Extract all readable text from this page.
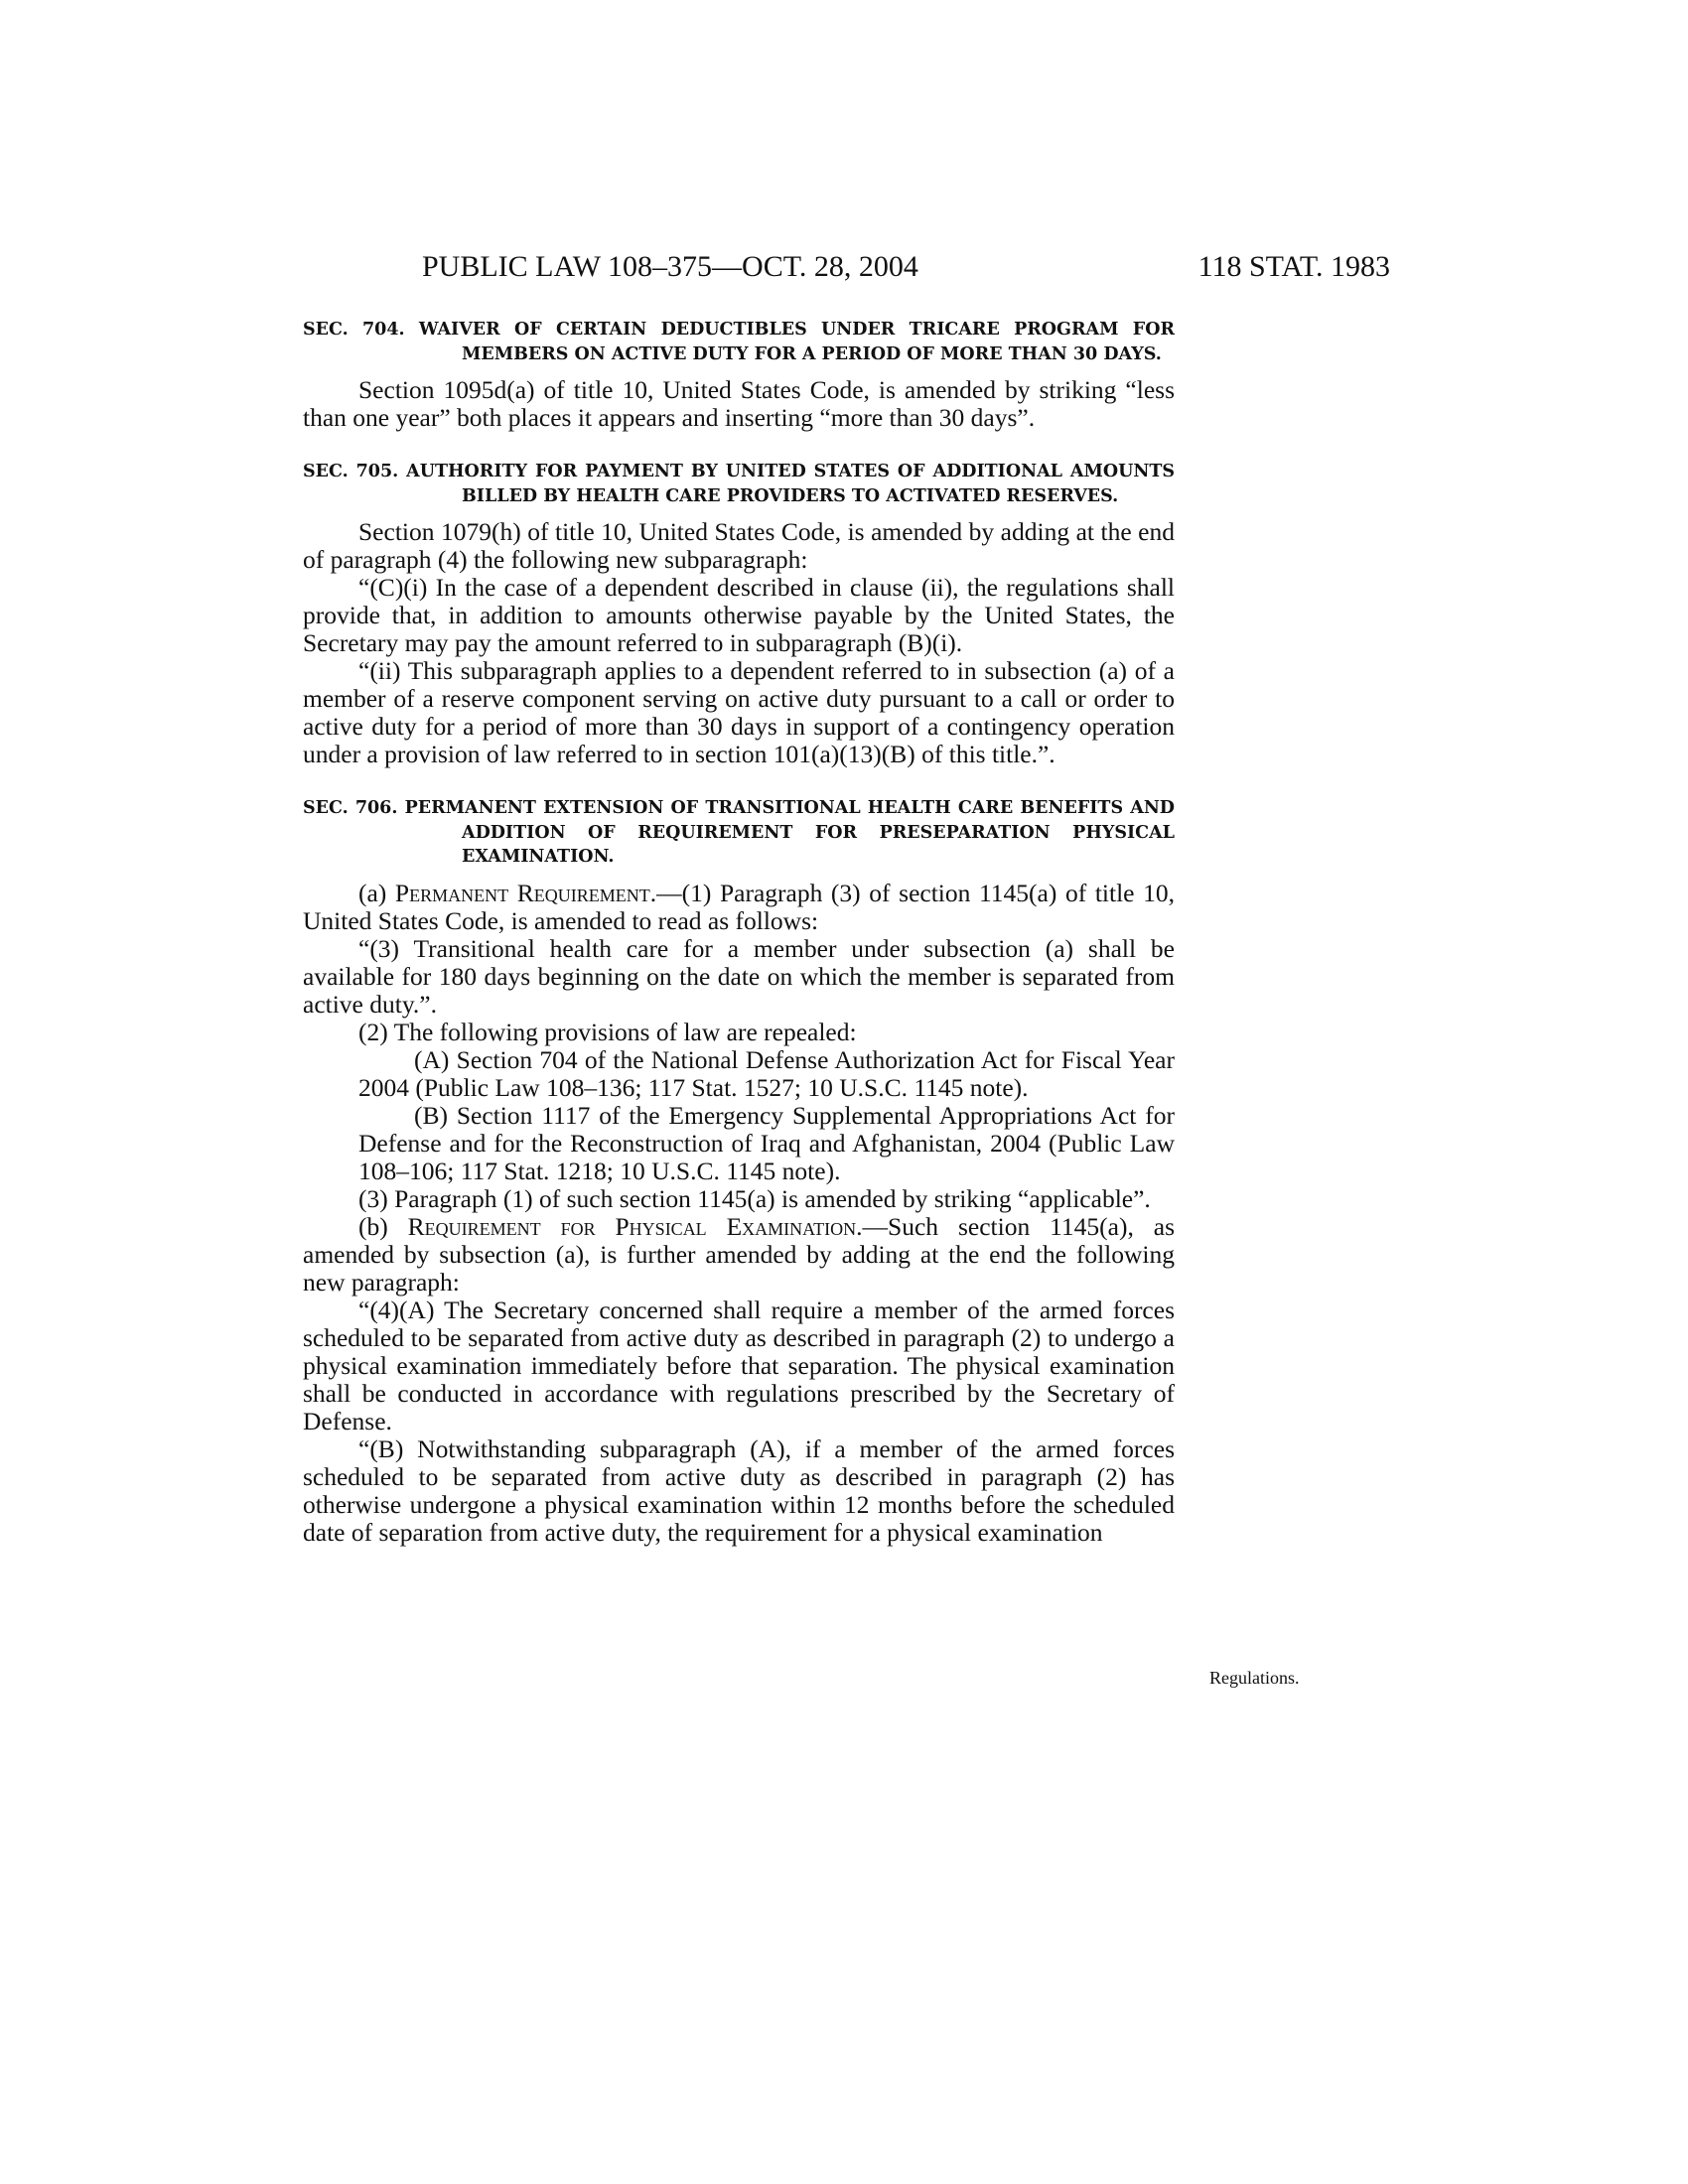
PUBLIC LAW 108–375—OCT. 28, 2004	118 STAT. 1983
SEC. 704. WAIVER OF CERTAIN DEDUCTIBLES UNDER TRICARE PROGRAM FOR MEMBERS ON ACTIVE DUTY FOR A PERIOD OF MORE THAN 30 DAYS.

Section 1095d(a) of title 10, United States Code, is amended by striking “less than one year” both places it appears and inserting “more than 30 days”.

SEC. 705. AUTHORITY FOR PAYMENT BY UNITED STATES OF ADDITIONAL AMOUNTS BILLED BY HEALTH CARE PROVIDERS TO ACTIVATED RESERVES.

Section 1079(h) of title 10, United States Code, is amended by adding at the end of paragraph (4) the following new subparagraph:

“(C)(i) In the case of a dependent described in clause (ii), the regulations shall provide that, in addition to amounts otherwise payable by the United States, the Secretary may pay the amount referred to in subparagraph (B)(i).

“(ii) This subparagraph applies to a dependent referred to in subsection (a) of a member of a reserve component serving on active duty pursuant to a call or order to active duty for a period of more than 30 days in support of a contingency operation under a provision of law referred to in section 101(a)(13)(B) of this title.”.

SEC. 706. PERMANENT EXTENSION OF TRANSITIONAL HEALTH CARE BENEFITS AND ADDITION OF REQUIREMENT FOR PRESEPARATION PHYSICAL EXAMINATION.

(a) Permanent Requirement.—(1) Paragraph (3) of section 1145(a) of title 10, United States Code, is amended to read as follows:

“(3) Transitional health care for a member under subsection (a) shall be available for 180 days beginning on the date on which the member is separated from active duty.”.

(2) The following provisions of law are repealed:

(A) Section 704 of the National Defense Authorization Act for Fiscal Year 2004 (Public Law 108–136; 117 Stat. 1527; 10 U.S.C. 1145 note).

(B) Section 1117 of the Emergency Supplemental Appropriations Act for Defense and for the Reconstruction of Iraq and Afghanistan, 2004 (Public Law 108–106; 117 Stat. 1218; 10 U.S.C. 1145 note).

(3) Paragraph (1) of such section 1145(a) is amended by striking “applicable”.

(b) Requirement for Physical Examination.—Such section 1145(a), as amended by subsection (a), is further amended by adding at the end the following new paragraph:

“(4)(A) The Secretary concerned shall require a member of the armed forces scheduled to be separated from active duty as described in paragraph (2) to undergo a physical examination immediately before that separation. The physical examination shall be conducted in accordance with regulations prescribed by the Secretary of Defense.

“(B) Notwithstanding subparagraph (A), if a member of the armed forces scheduled to be separated from active duty as described in paragraph (2) has otherwise undergone a physical examination within 12 months before the scheduled date of separation from active duty, the requirement for a physical examination

Regulations.
